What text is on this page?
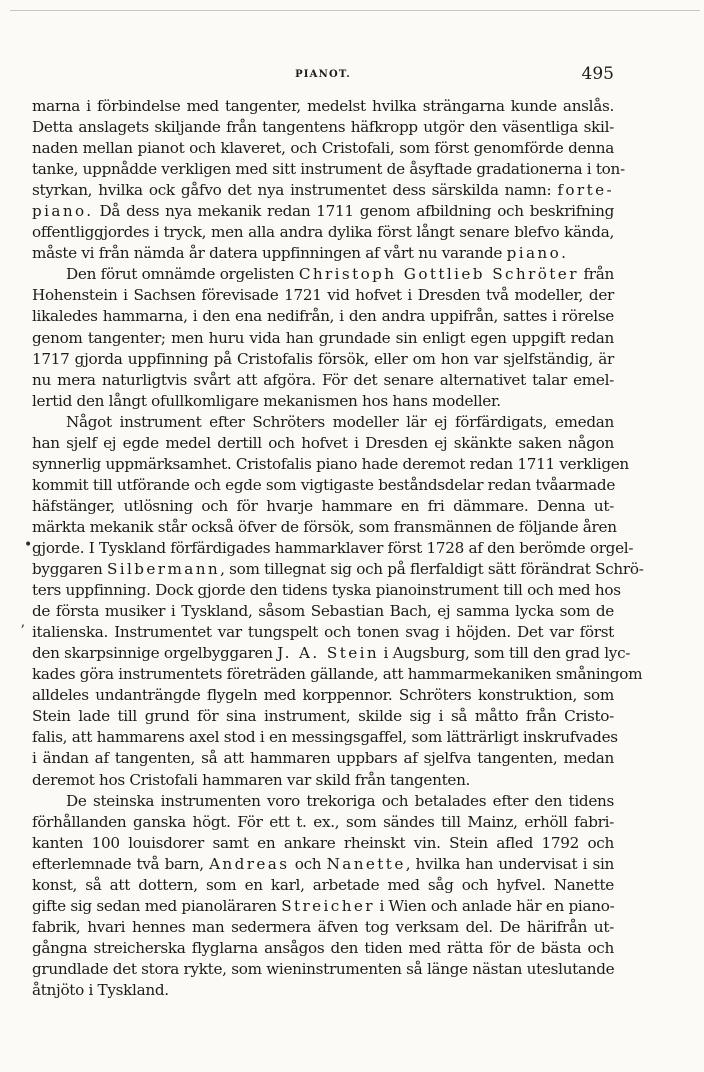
PIANOT.	495
marna i förbindelse med tangenter, medelst hvilka strängarna kunde anslås.
Detta anslagets skiljande från tangentens häfkropp utgör den väsentliga skil-
naden mellan pianot och klaveret, och Cristofali, som först genomförde denna
tanke, uppnådde verkligen med sitt instrument de åsyftade gradationerna i ton-
styrkan, hvilka ock gåfvo det nya instrumentet dess särskilda namn: forte-
piano. Då dess nya mekanik redan 1711 genom afbildning och beskrifning
offentliggjordes i tryck, men alla andra dylika först långt senare blefvo kända,
måste vi från nämda år datera uppfinningen af vårt nu varande piano.
Den förut omnämde orgelisten Christoph Gottlieb Schröter från
Hohenstein i Sachsen förevisade 1721 vid hofvet i Dresden två modeller, der
likaledes hammarna, i den ena nedifrån, i den andra uppifrån, sattes i rörelse
genom tangenter; men huru vida han grundade sin enligt egen uppgift redan
1717 gjorda uppfinning på Cristofalis försök, eller om hon var sjelfständig, är
nu mera naturligtvis svårt att afgöra. För det senare alternativet talar emel-
lertid den långt ofullkomligare mekanismen hos hans modeller.
Något instrument efter Schröters modeller lär ej förfärdigats, emedan
han sjelf ej egde medel dertill och hofvet i Dresden ej skänkte saken någon
synnerlig uppmärksamhet. Cristofalis piano hade deremot redan 1711 verkligen
kommit till utförande och egde som vigtigaste beståndsdelar redan tvåarmade
häfstänger, utlösning och för hvarje hammare en fri dämmare. Denna ut-
märkta mekanik står också öfver de försök, som fransmännen de följande åren
gjorde. I Tyskland förfärdigades hammarklaver först 1728 af den berömde orgel-
byggaren Silbermann, som tillegnat sig och på flerfaldigt sätt förändrat Schrö-
ters uppfinning. Dock gjorde den tidens tyska pianoinstrument till och med hos
de första musiker i Tyskland, såsom Sebastian Bach, ej samma lycka som de
italienska. Instrumentet var tungspelt och tonen svag i höjden. Det var först
den skarpsinnige orgelbyggaren J. A. Stein i Augsburg, som till den grad lyc-
kades göra instrumentets företräden gällande, att hammarmekaniken småningom
alldeles undanträngde flygeln med korppennor. Schröters konstruktion, som
Stein lade till grund för sina instrument, skilde sig i så måtto från Cristo-
falis, att hammarens axel stod i en messingsgaffel, som lätträrligt inskrufvades
i ändan af tangenten, så att hammaren uppbars af sjelfva tangenten, medan
deremot hos Cristofali hammaren var skild från tangenten.
De steinska instrumenten voro trekoriga och betalades efter den tidens
förhållanden ganska högt. För ett t. ex., som sändes till Mainz, erhöll fabri-
kanten 100 louisdorer samt en ankare rheinskt vin. Stein afled 1792 och
efterlemnade två barn, Andreas och Nanette, hvilka han undervisat i sin
konst, så att dottern, som en karl, arbetade med såg och hyfvel. Nanette
gifte sig sedan med pianoläraren Streicher i Wien och anlade här en piano-
fabrik, hvari hennes man sedermera äfven tog verksam del. De härifrån ut-
gångna streicherska flyglarna ansågos den tiden med rätta för de bästa och
grundlade det stora rykte, som wieninstrumenten så länge nästan uteslutande
åtnjöto i Tyskland.
•
ʼ
